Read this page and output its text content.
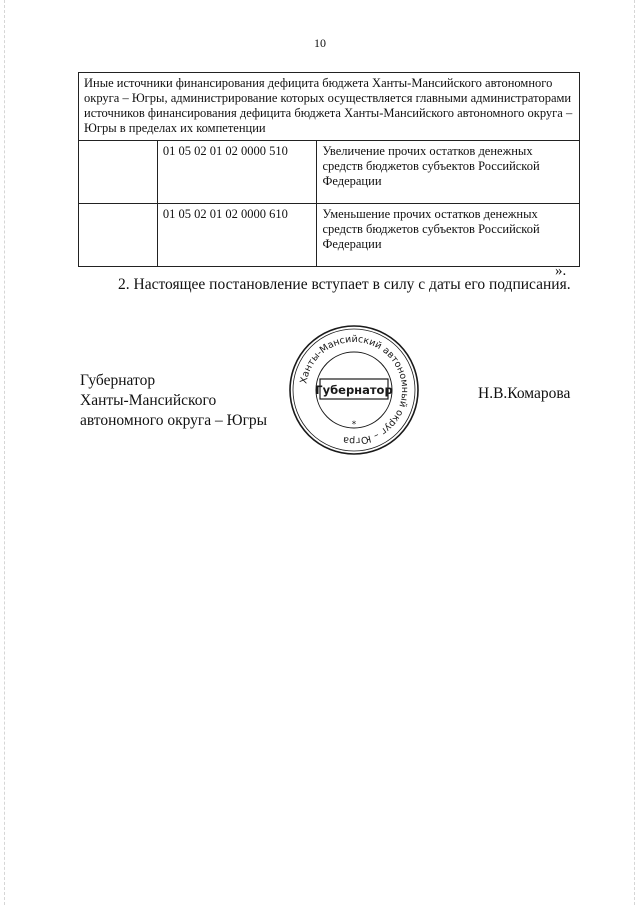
10
Иные источники финансирования дефицита бюджета Ханты-Мансийского автономного округа – Югры, администрирование которых осуществляется главными администраторами источников финансирования дефицита бюджета Ханты-Мансийского автономного округа – Югры в пределах их компетенции		
	01 05 02 01 02 0000 510	Увеличение прочих остатков денежных средств бюджетов субъектов Российской Федерации
	01 05 02 01 02 0000 610	Уменьшение прочих остатков денежных средств бюджетов субъектов Российской Федерации
».
2. Настоящее постановление вступает в силу с даты его подписания.
Губернатор
Ханты-Мансийского
автономного округа – Югры
Н.В.Комарова
Ханты-Мансийский автономный округ – Югра
Губернатор
*
